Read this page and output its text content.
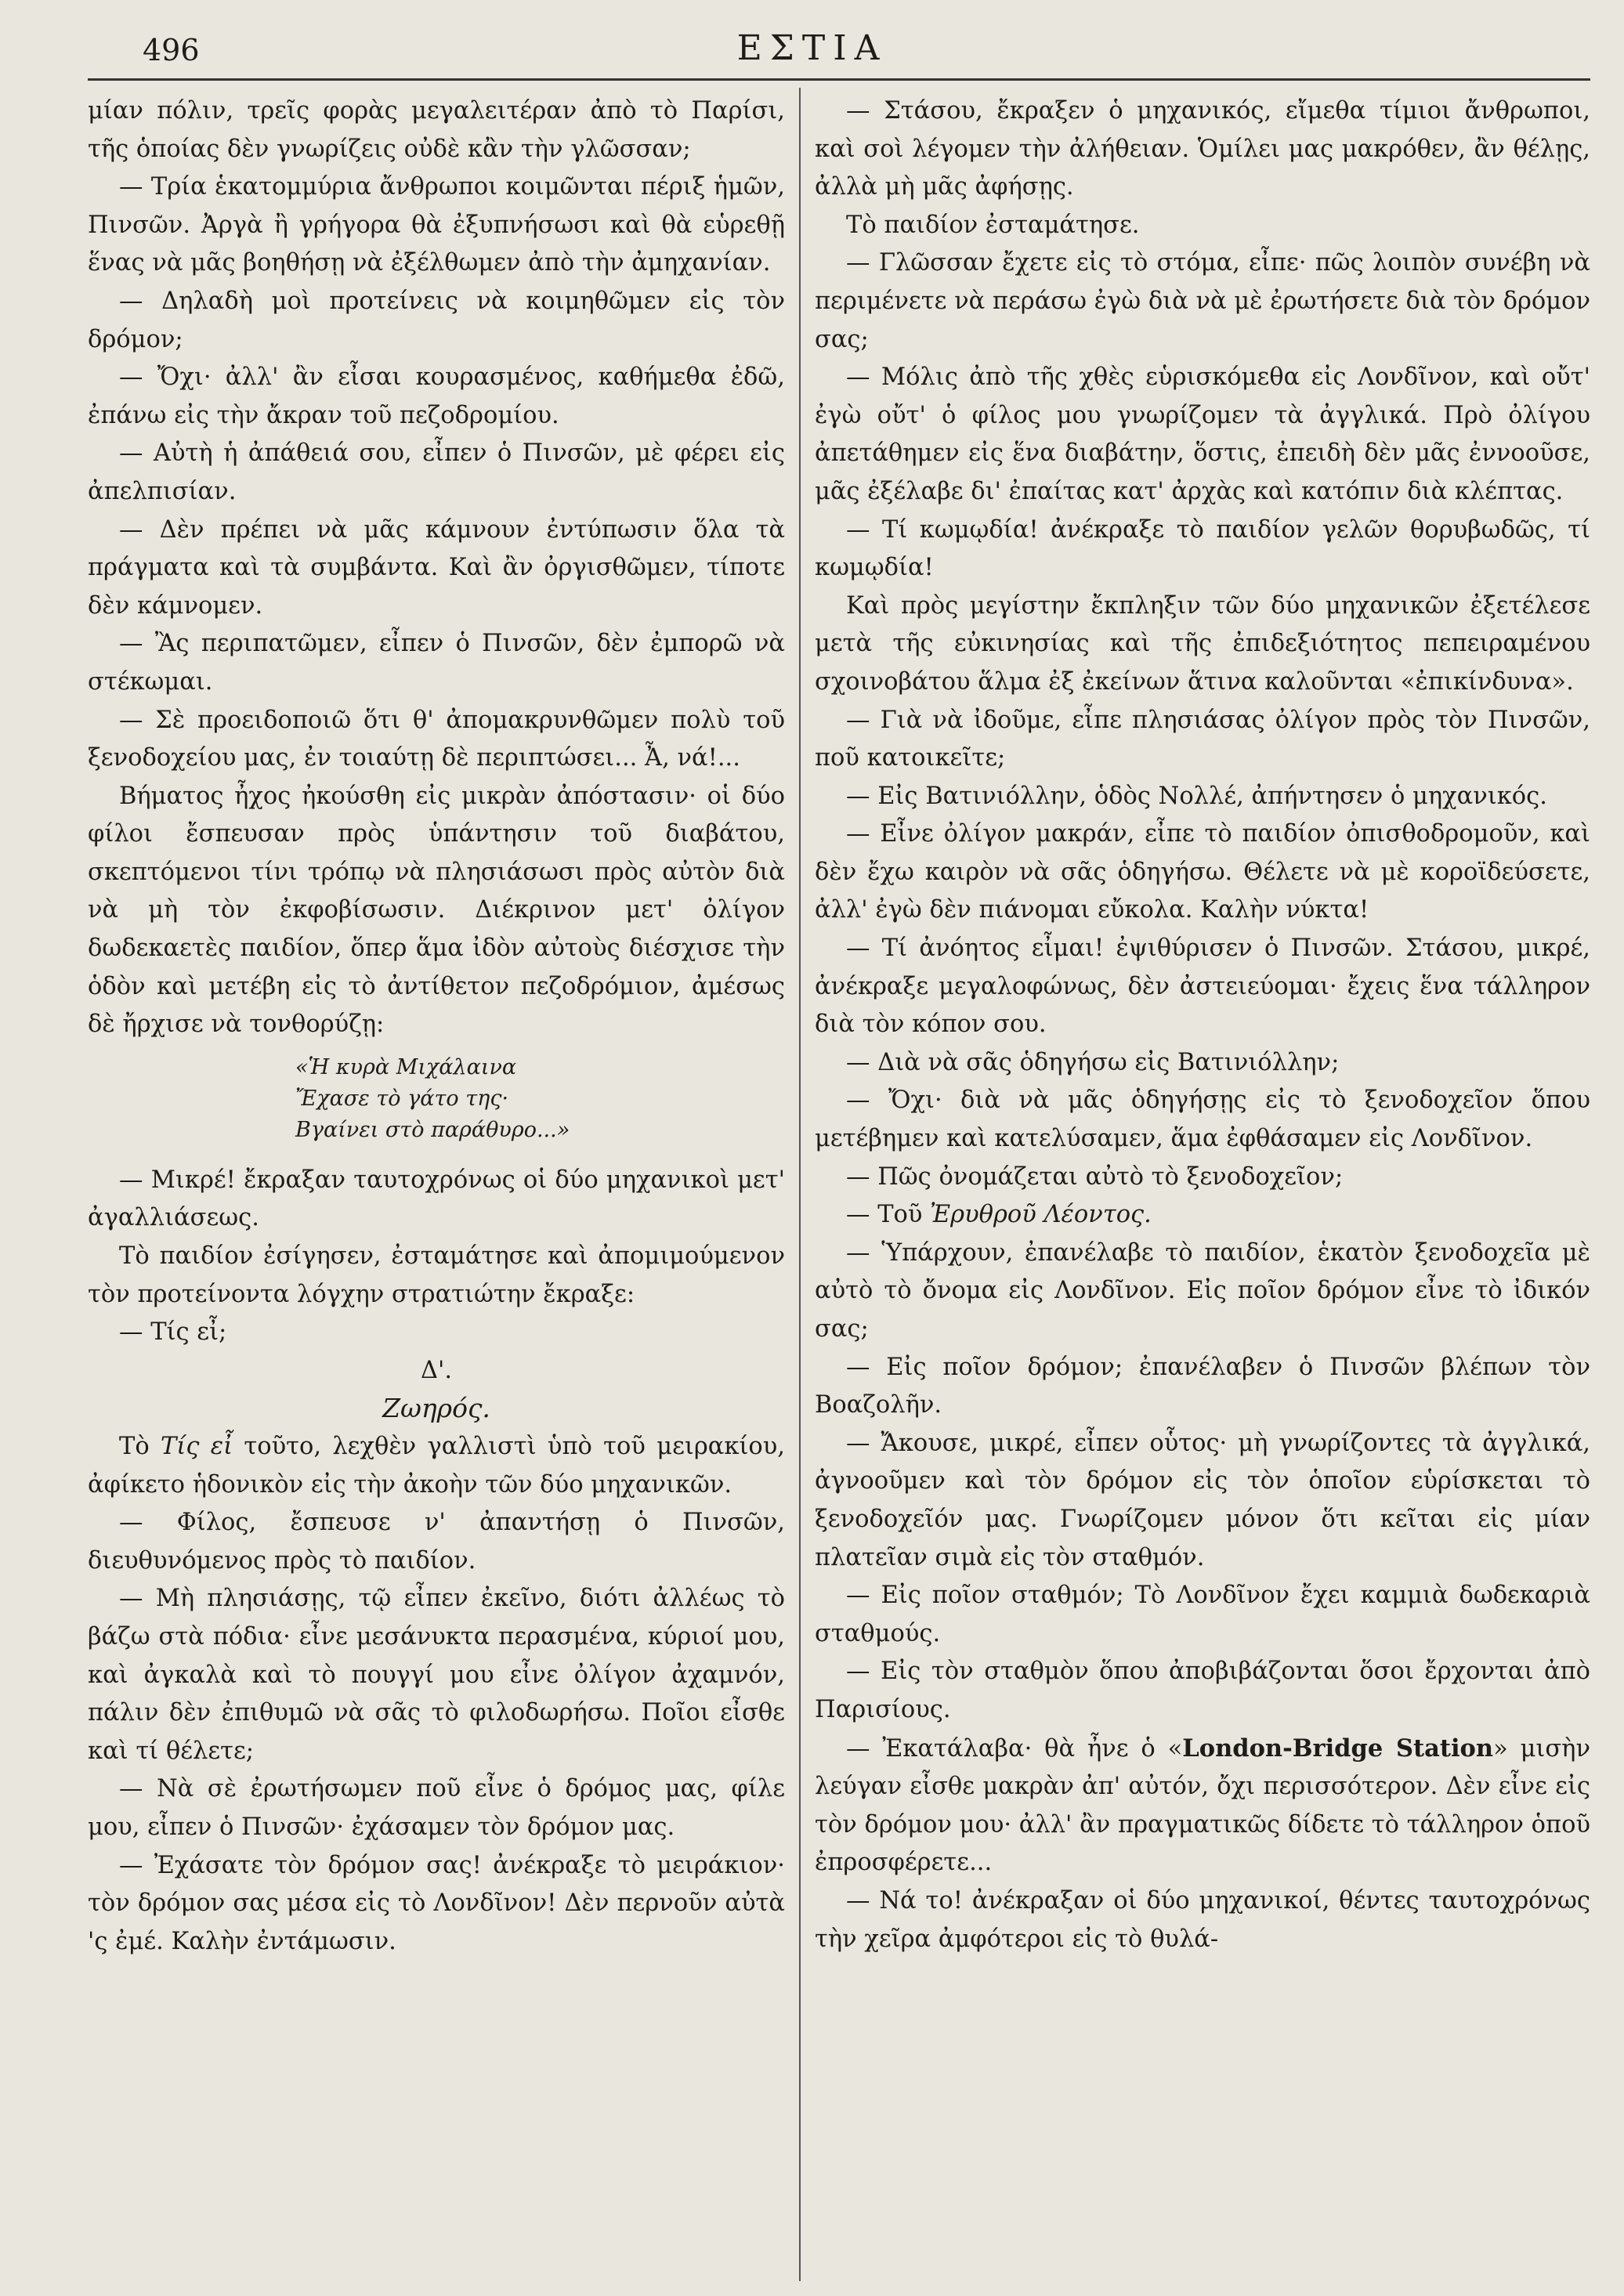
496	ΕΣΤΙΑ

μίαν πόλιν, τρεῖς φορὰς μεγαλειτέραν ἀπὸ τὸ Παρίσι, τῆς ὁποίας δὲν γνωρίζεις οὐδὲ κἂν τὴν γλῶσσαν;

— Τρία ἑκατομμύρια ἄνθρωποι κοιμῶνται πέριξ ἡμῶν, Πινσῶν. Ἀργὰ ἢ γρήγορα θὰ ἐξυπνήσωσι καὶ θὰ εὑρεθῇ ἕνας νὰ μᾶς βοηθήσῃ νὰ ἐξέλθωμεν ἀπὸ τὴν ἀμηχανίαν.

— Δηλαδὴ μοὶ προτείνεις νὰ κοιμηθῶμεν εἰς τὸν δρόμον;

— Ὄχι· ἀλλ' ἂν εἶσαι κουρασμένος, καθήμεθα ἐδῶ, ἐπάνω εἰς τὴν ἄκραν τοῦ πεζοδρομίου.

— Αὐτὴ ἡ ἀπάθειά σου, εἶπεν ὁ Πινσῶν, μὲ φέρει εἰς ἀπελπισίαν.

— Δὲν πρέπει νὰ μᾶς κάμνουν ἐντύπωσιν ὅλα τὰ πράγματα καὶ τὰ συμβάντα. Καὶ ἂν ὀργισθῶμεν, τίποτε δὲν κάμνομεν.

— Ἂς περιπατῶμεν, εἶπεν ὁ Πινσῶν, δὲν ἐμπορῶ νὰ στέκωμαι.

— Σὲ προειδοποιῶ ὅτι θ' ἀπομακρυνθῶμεν πολὺ τοῦ ξενοδοχείου μας, ἐν τοιαύτῃ δὲ περιπτώσει... Ἆ, νά!...

Βήματος ἦχος ἠκούσθη εἰς μικρὰν ἀπόστασιν· οἱ δύο φίλοι ἔσπευσαν πρὸς ὑπάντησιν τοῦ διαβάτου, σκεπτόμενοι τίνι τρόπῳ νὰ πλησιάσωσι πρὸς αὐτὸν διὰ νὰ μὴ τὸν ἐκφοβίσωσιν. Διέκρινον μετ' ὀλίγον δωδεκαετὲς παιδίον, ὅπερ ἅμα ἰδὸν αὐτοὺς διέσχισε τὴν ὁδὸν καὶ μετέβη εἰς τὸ ἀντίθετον πεζοδρόμιον, ἀμέσως δὲ ἤρχισε νὰ τονθορύζῃ:

«Ἡ κυρὰ Μιχάλαινα
Ἔχασε τὸ γάτο της·
Βγαίνει στὸ παράθυρο...»

— Μικρέ! ἔκραξαν ταυτοχρόνως οἱ δύο μηχανικοὶ μετ' ἀγαλλιάσεως.

Τὸ παιδίον ἐσίγησεν, ἐσταμάτησε καὶ ἀπομιμούμενον τὸν προτείνοντα λόγχην στρατιώτην ἔκραξε:

— Τίς εἶ;

Δ'.

Ζωηρός.

Τὸ Τίς εἶ τοῦτο, λεχθὲν γαλλιστὶ ὑπὸ τοῦ μειρακίου, ἀφίκετο ἡδονικὸν εἰς τὴν ἀκοὴν τῶν δύο μηχανικῶν.

— Φίλος, ἔσπευσε ν' ἀπαντήσῃ ὁ Πινσῶν, διευθυνόμενος πρὸς τὸ παιδίον.

— Μὴ πλησιάσῃς, τῷ εἶπεν ἐκεῖνο, διότι ἀλλέως τὸ βάζω στὰ πόδια· εἶνε μεσάνυκτα περασμένα, κύριοί μου, καὶ ἀγκαλὰ καὶ τὸ πουγγί μου εἶνε ὀλίγον ἀχαμνόν, πάλιν δὲν ἐπιθυμῶ νὰ σᾶς τὸ φιλοδωρήσω. Ποῖοι εἶσθε καὶ τί θέλετε;

— Νὰ σὲ ἐρωτήσωμεν ποῦ εἶνε ὁ δρόμος μας, φίλε μου, εἶπεν ὁ Πινσῶν· ἐχάσαμεν τὸν δρόμον μας.

— Ἐχάσατε τὸν δρόμον σας! ἀνέκραξε τὸ μειράκιον· τὸν δρόμον σας μέσα εἰς τὸ Λονδῖνον! Δὲν περνοῦν αὐτὰ 'ς ἐμέ. Καλὴν ἐντάμωσιν.

— Στάσου, ἔκραξεν ὁ μηχανικός, εἴμεθα τίμιοι ἄνθρωποι, καὶ σοὶ λέγομεν τὴν ἀλήθειαν. Ὁμίλει μας μακρόθεν, ἂν θέλῃς, ἀλλὰ μὴ μᾶς ἀφήσῃς.

Τὸ παιδίον ἐσταμάτησε.

— Γλῶσσαν ἔχετε εἰς τὸ στόμα, εἶπε· πῶς λοιπὸν συνέβη νὰ περιμένετε νὰ περάσω ἐγὼ διὰ νὰ μὲ ἐρωτήσετε διὰ τὸν δρόμον σας;

— Μόλις ἀπὸ τῆς χθὲς εὑρισκόμεθα εἰς Λονδῖνον, καὶ οὔτ' ἐγὼ οὔτ' ὁ φίλος μου γνωρίζομεν τὰ ἀγγλικά. Πρὸ ὀλίγου ἀπετάθημεν εἰς ἕνα διαβάτην, ὅστις, ἐπειδὴ δὲν μᾶς ἐννοοῦσε, μᾶς ἐξέλαβε δι' ἐπαίτας κατ' ἀρχὰς καὶ κατόπιν διὰ κλέπτας.

— Τί κωμῳδία! ἀνέκραξε τὸ παιδίον γελῶν θορυβωδῶς, τί κωμῳδία!

Καὶ πρὸς μεγίστην ἔκπληξιν τῶν δύο μηχανικῶν ἐξετέλεσε μετὰ τῆς εὐκινησίας καὶ τῆς ἐπιδεξιότητος πεπειραμένου σχοινοβάτου ἅλμα ἐξ ἐκείνων ἅτινα καλοῦνται «ἐπικίνδυνα».

— Γιὰ νὰ ἰδοῦμε, εἶπε πλησιάσας ὀλίγον πρὸς τὸν Πινσῶν, ποῦ κατοικεῖτε;

— Εἰς Βατινιόλλην, ὁδὸς Νολλέ, ἀπήντησεν ὁ μηχανικός.

— Εἶνε ὀλίγον μακράν, εἶπε τὸ παιδίον ὀπισθοδρομοῦν, καὶ δὲν ἔχω καιρὸν νὰ σᾶς ὁδηγήσω. Θέλετε νὰ μὲ κοροϊδεύσετε, ἀλλ' ἐγὼ δὲν πιάνομαι εὔκολα. Καλὴν νύκτα!

— Τί ἀνόητος εἶμαι! ἐψιθύρισεν ὁ Πινσῶν. Στάσου, μικρέ, ἀνέκραξε μεγαλοφώνως, δὲν ἀστειεύομαι· ἔχεις ἕνα τάλληρον διὰ τὸν κόπον σου.

— Διὰ νὰ σᾶς ὁδηγήσω εἰς Βατινιόλλην;

— Ὄχι· διὰ νὰ μᾶς ὁδηγήσῃς εἰς τὸ ξενοδοχεῖον ὅπου μετέβημεν καὶ κατελύσαμεν, ἅμα ἐφθάσαμεν εἰς Λονδῖνον.

— Πῶς ὀνομάζεται αὐτὸ τὸ ξενοδοχεῖον;

— Τοῦ Ἐρυθροῦ Λέοντος.

— Ὑπάρχουν, ἐπανέλαβε τὸ παιδίον, ἑκατὸν ξενοδοχεῖα μὲ αὐτὸ τὸ ὄνομα εἰς Λονδῖνον. Εἰς ποῖον δρόμον εἶνε τὸ ἰδικόν σας;

— Εἰς ποῖον δρόμον; ἐπανέλαβεν ὁ Πινσῶν βλέπων τὸν Βοαζολῆν.

— Ἄκουσε, μικρέ, εἶπεν οὗτος· μὴ γνωρίζοντες τὰ ἀγγλικά, ἀγνοοῦμεν καὶ τὸν δρόμον εἰς τὸν ὁποῖον εὑρίσκεται τὸ ξενοδοχεῖόν μας. Γνωρίζομεν μόνον ὅτι κεῖται εἰς μίαν πλατεῖαν σιμὰ εἰς τὸν σταθμόν.

— Εἰς ποῖον σταθμόν; Τὸ Λονδῖνον ἔχει καμμιὰ δωδεκαριὰ σταθμούς.

— Εἰς τὸν σταθμὸν ὅπου ἀποβιβάζονται ὅσοι ἔρχονται ἀπὸ Παρισίους.

— Ἐκατάλαβα· θὰ ἦνε ὁ «London-Bridge Station» μισὴν λεύγαν εἶσθε μακρὰν ἀπ' αὐτόν, ὄχι περισσότερον. Δὲν εἶνε εἰς τὸν δρόμον μου· ἀλλ' ἂν πραγματικῶς δίδετε τὸ τάλληρον ὁποῦ ἐπροσφέρετε...

— Νά το! ἀνέκραξαν οἱ δύο μηχανικοί, θέντες ταυτοχρόνως τὴν χεῖρα ἀμφότεροι εἰς τὸ θυλά-
